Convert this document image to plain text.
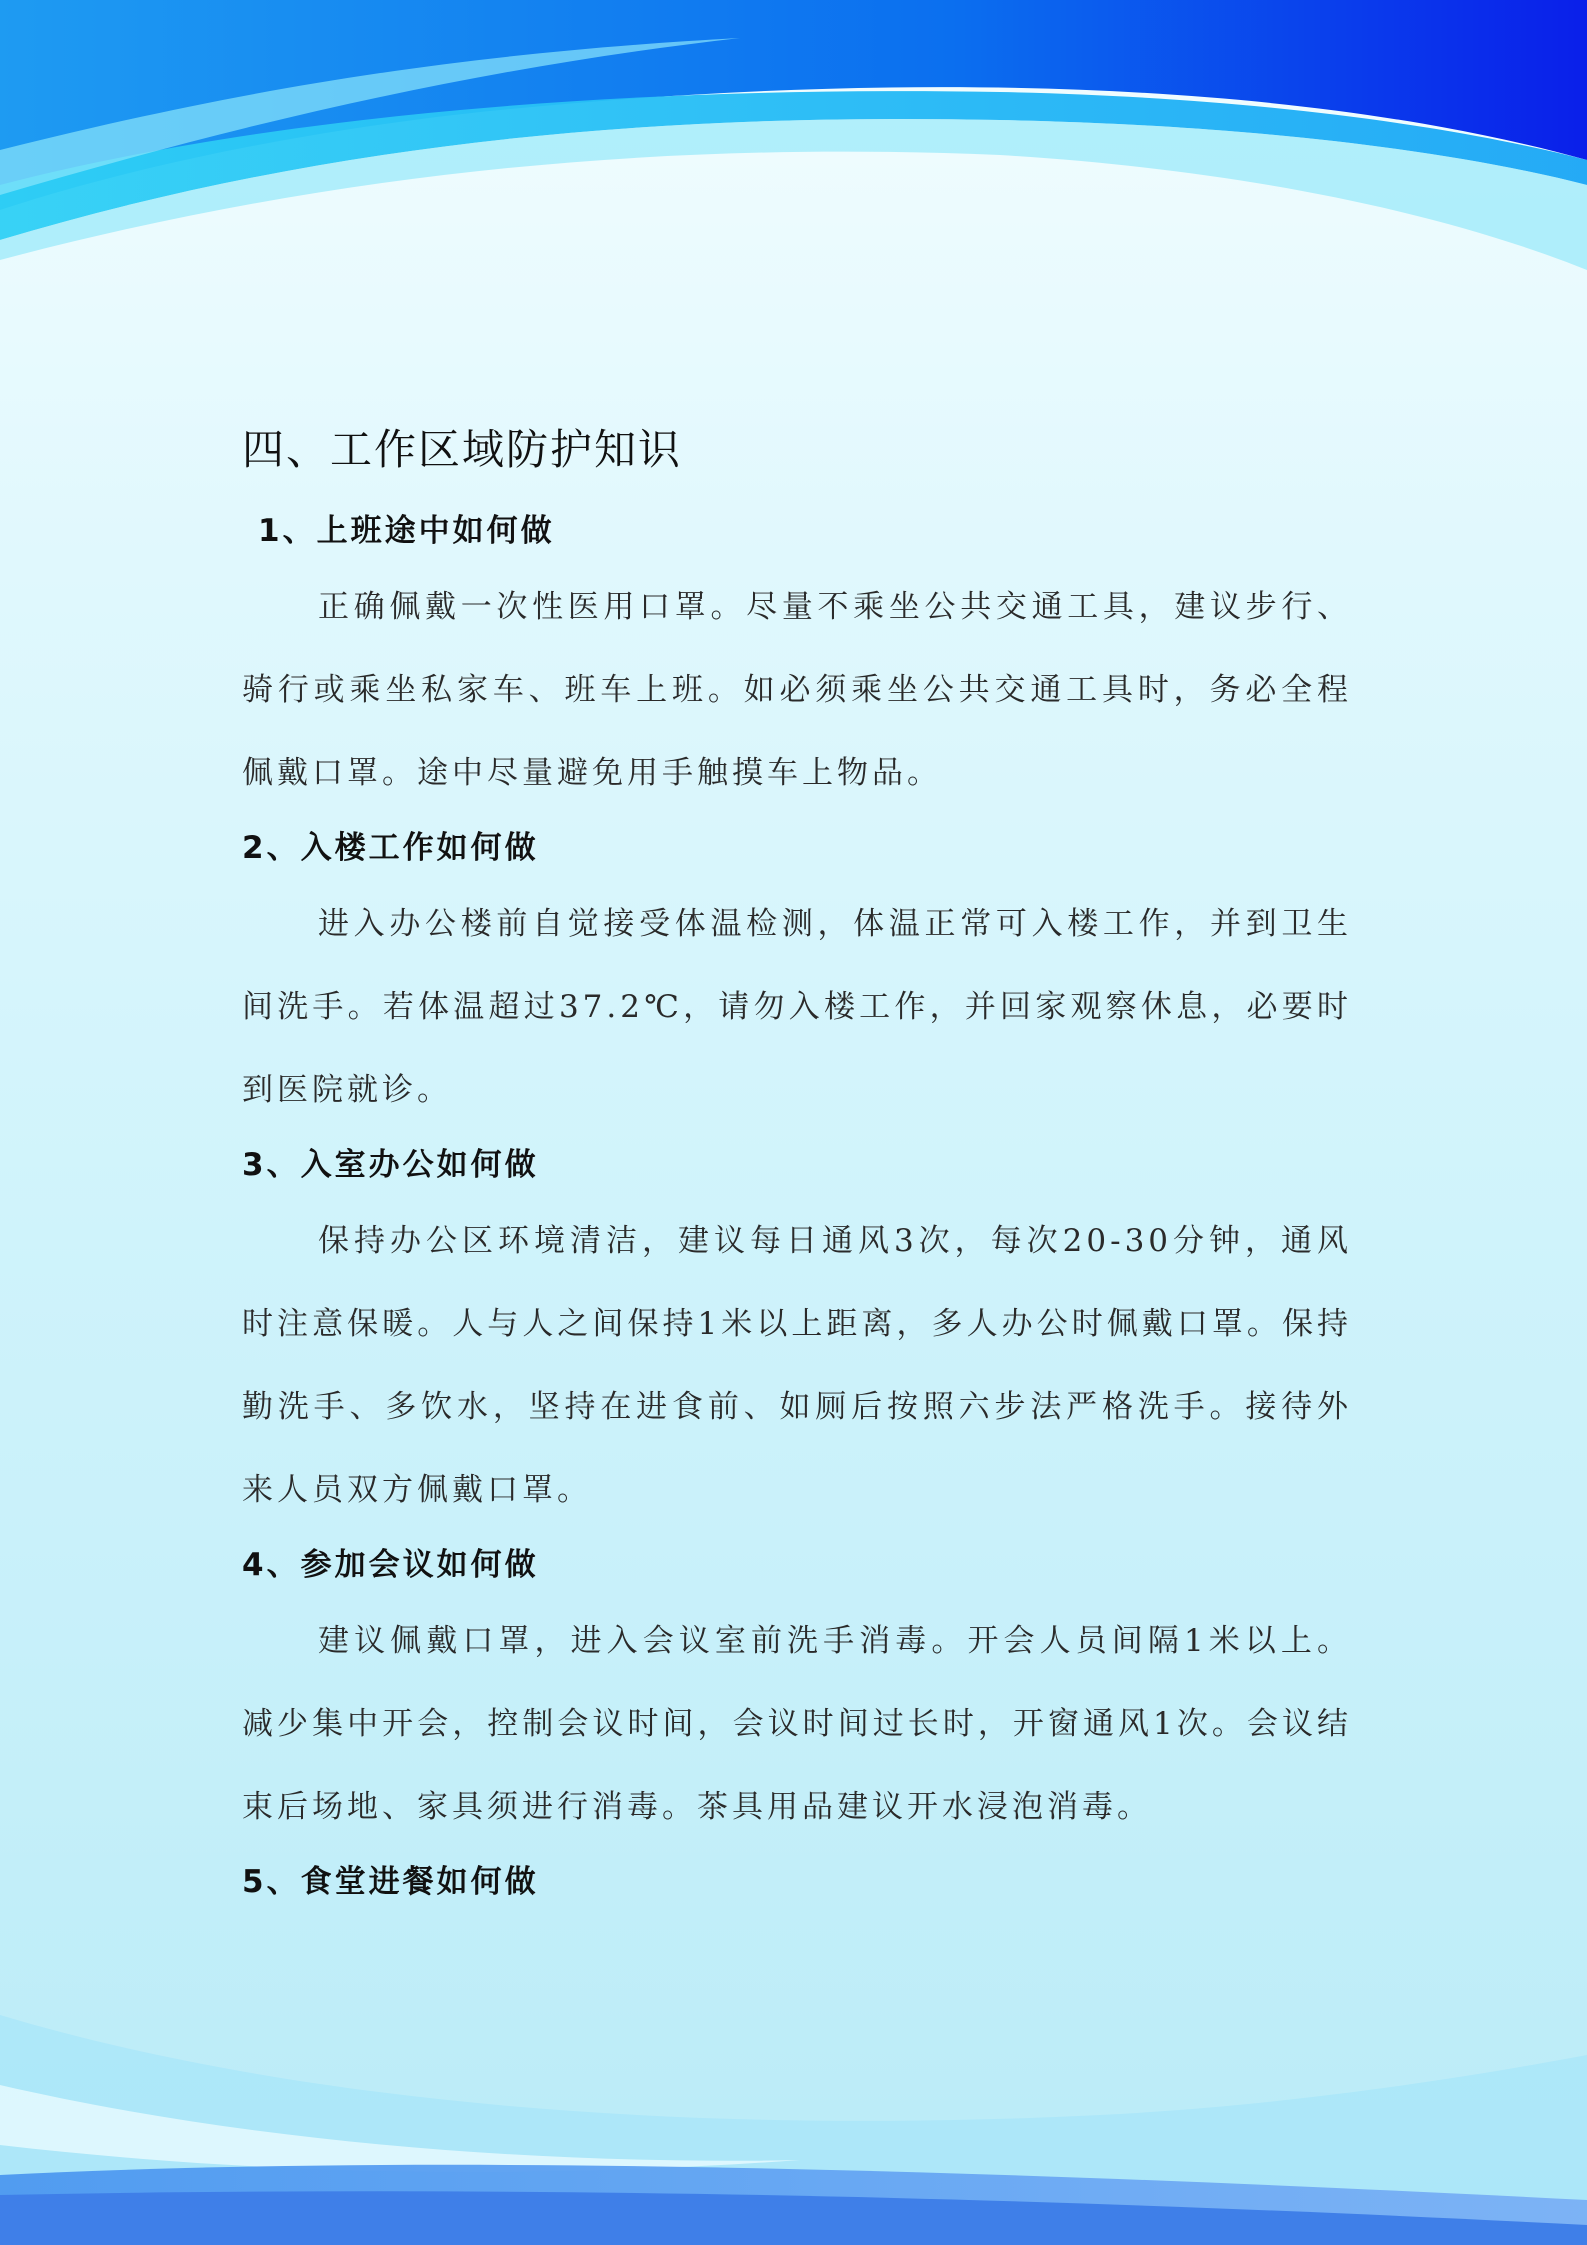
四、工作区域防护知识
1、上班途中如何做

正确佩戴一次性医用口罩。尽量不乘坐公共交通工具，建议步行、骑行或乘坐私家车、班车上班。如必须乘坐公共交通工具时，务必全程佩戴口罩。途中尽量避免用手触摸车上物品。

2、入楼工作如何做

进入办公楼前自觉接受体温检测，体温正常可入楼工作，并到卫生间洗手。若体温超过37.2℃，请勿入楼工作，并回家观察休息，必要时到医院就诊。

3、入室办公如何做

保持办公区环境清洁，建议每日通风3次，每次20-30分钟，通风时注意保暖。人与人之间保持1米以上距离，多人办公时佩戴口罩。保持勤洗手、多饮水，坚持在进食前、如厕后按照六步法严格洗手。接待外来人员双方佩戴口罩。

4、参加会议如何做

建议佩戴口罩，进入会议室前洗手消毒。开会人员间隔1米以上。减少集中开会，控制会议时间，会议时间过长时，开窗通风1次。会议结束后场地、家具须进行消毒。茶具用品建议开水浸泡消毒。

5、食堂进餐如何做
